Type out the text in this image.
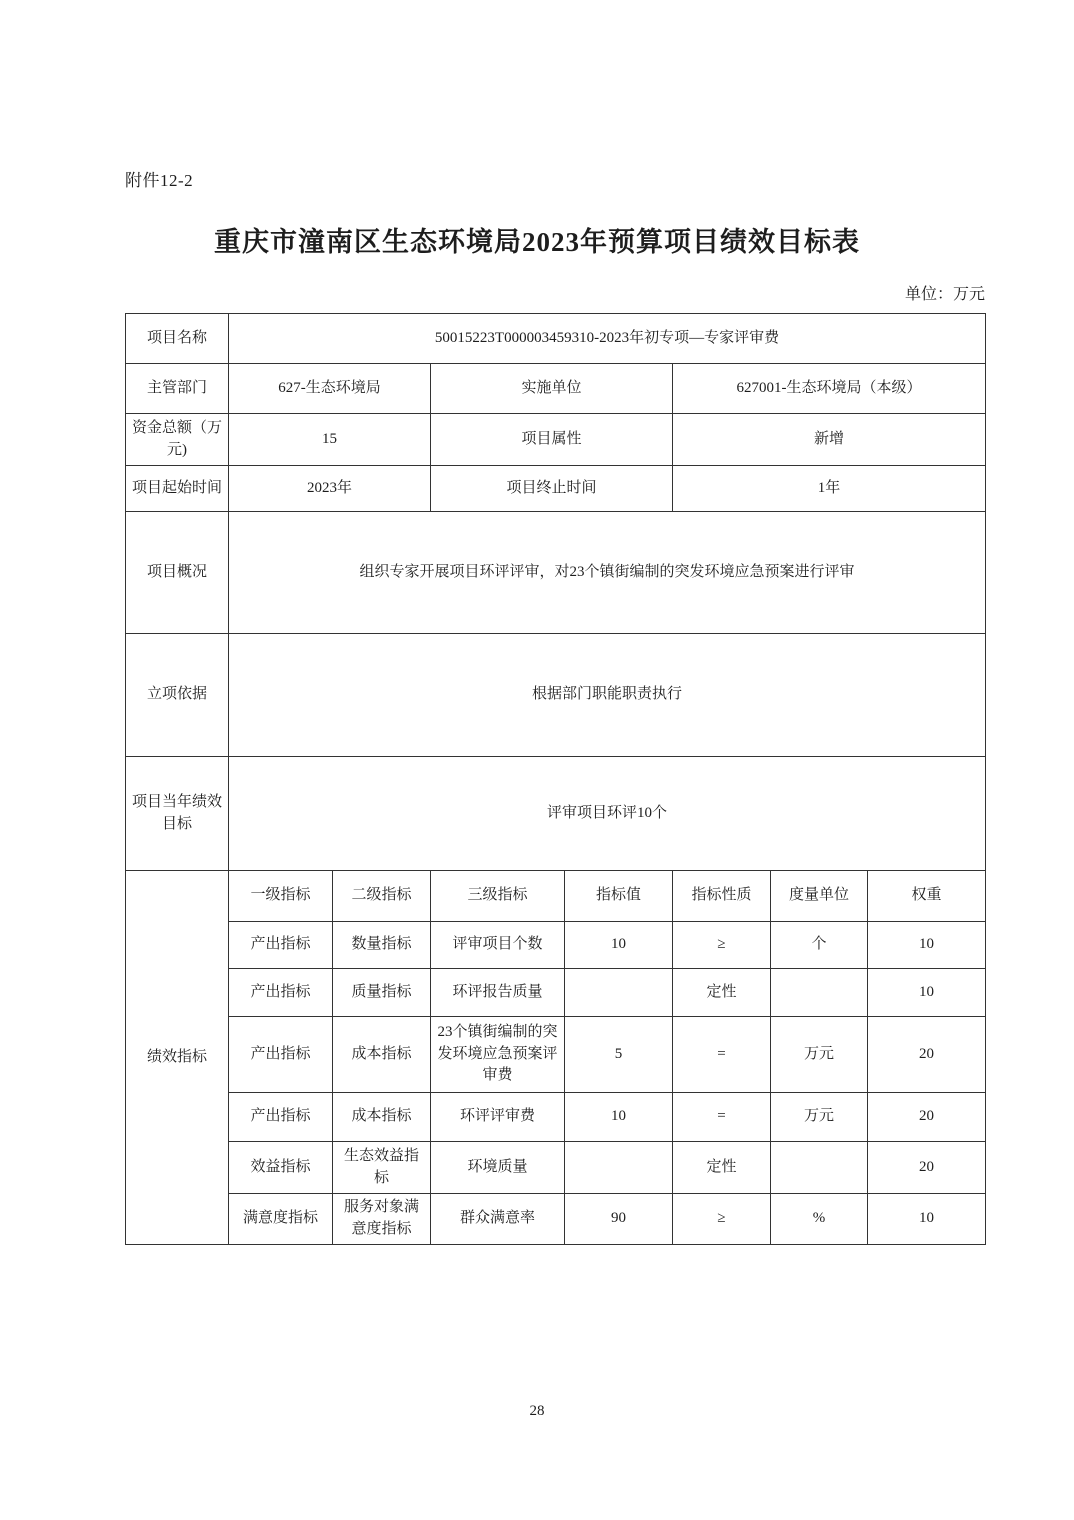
附件12-2
重庆市潼南区生态环境局2023年预算项目绩效目标表
单位：万元
项目名称	50015223T000003459310-2023年初专项—专家评审费						
主管部门	627-生态环境局		实施单位		627001-生态环境局（本级）		
资金总额（万元)	15		项目属性		新增		
项目起始时间	2023年		项目终止时间		1年		
项目概况	组织专家开展项目环评评审，对23个镇街编制的突发环境应急预案进行评审						
立项依据	根据部门职能职责执行						
项目当年绩效目标	评审项目环评10个						
绩效指标	一级指标	二级指标	三级指标	指标值	指标性质	度量单位	权重
	产出指标	数量指标	评审项目个数	10	≥	个	10
	产出指标	质量指标	环评报告质量		定性		10
	产出指标	成本指标	23个镇街编制的突发环境应急预案评审费	5	=	万元	20
	产出指标	成本指标	环评评审费	10	=	万元	20
	效益指标	生态效益指标	环境质量		定性		20
	满意度指标	服务对象满意度指标	群众满意率	90	≥	%	10
28
